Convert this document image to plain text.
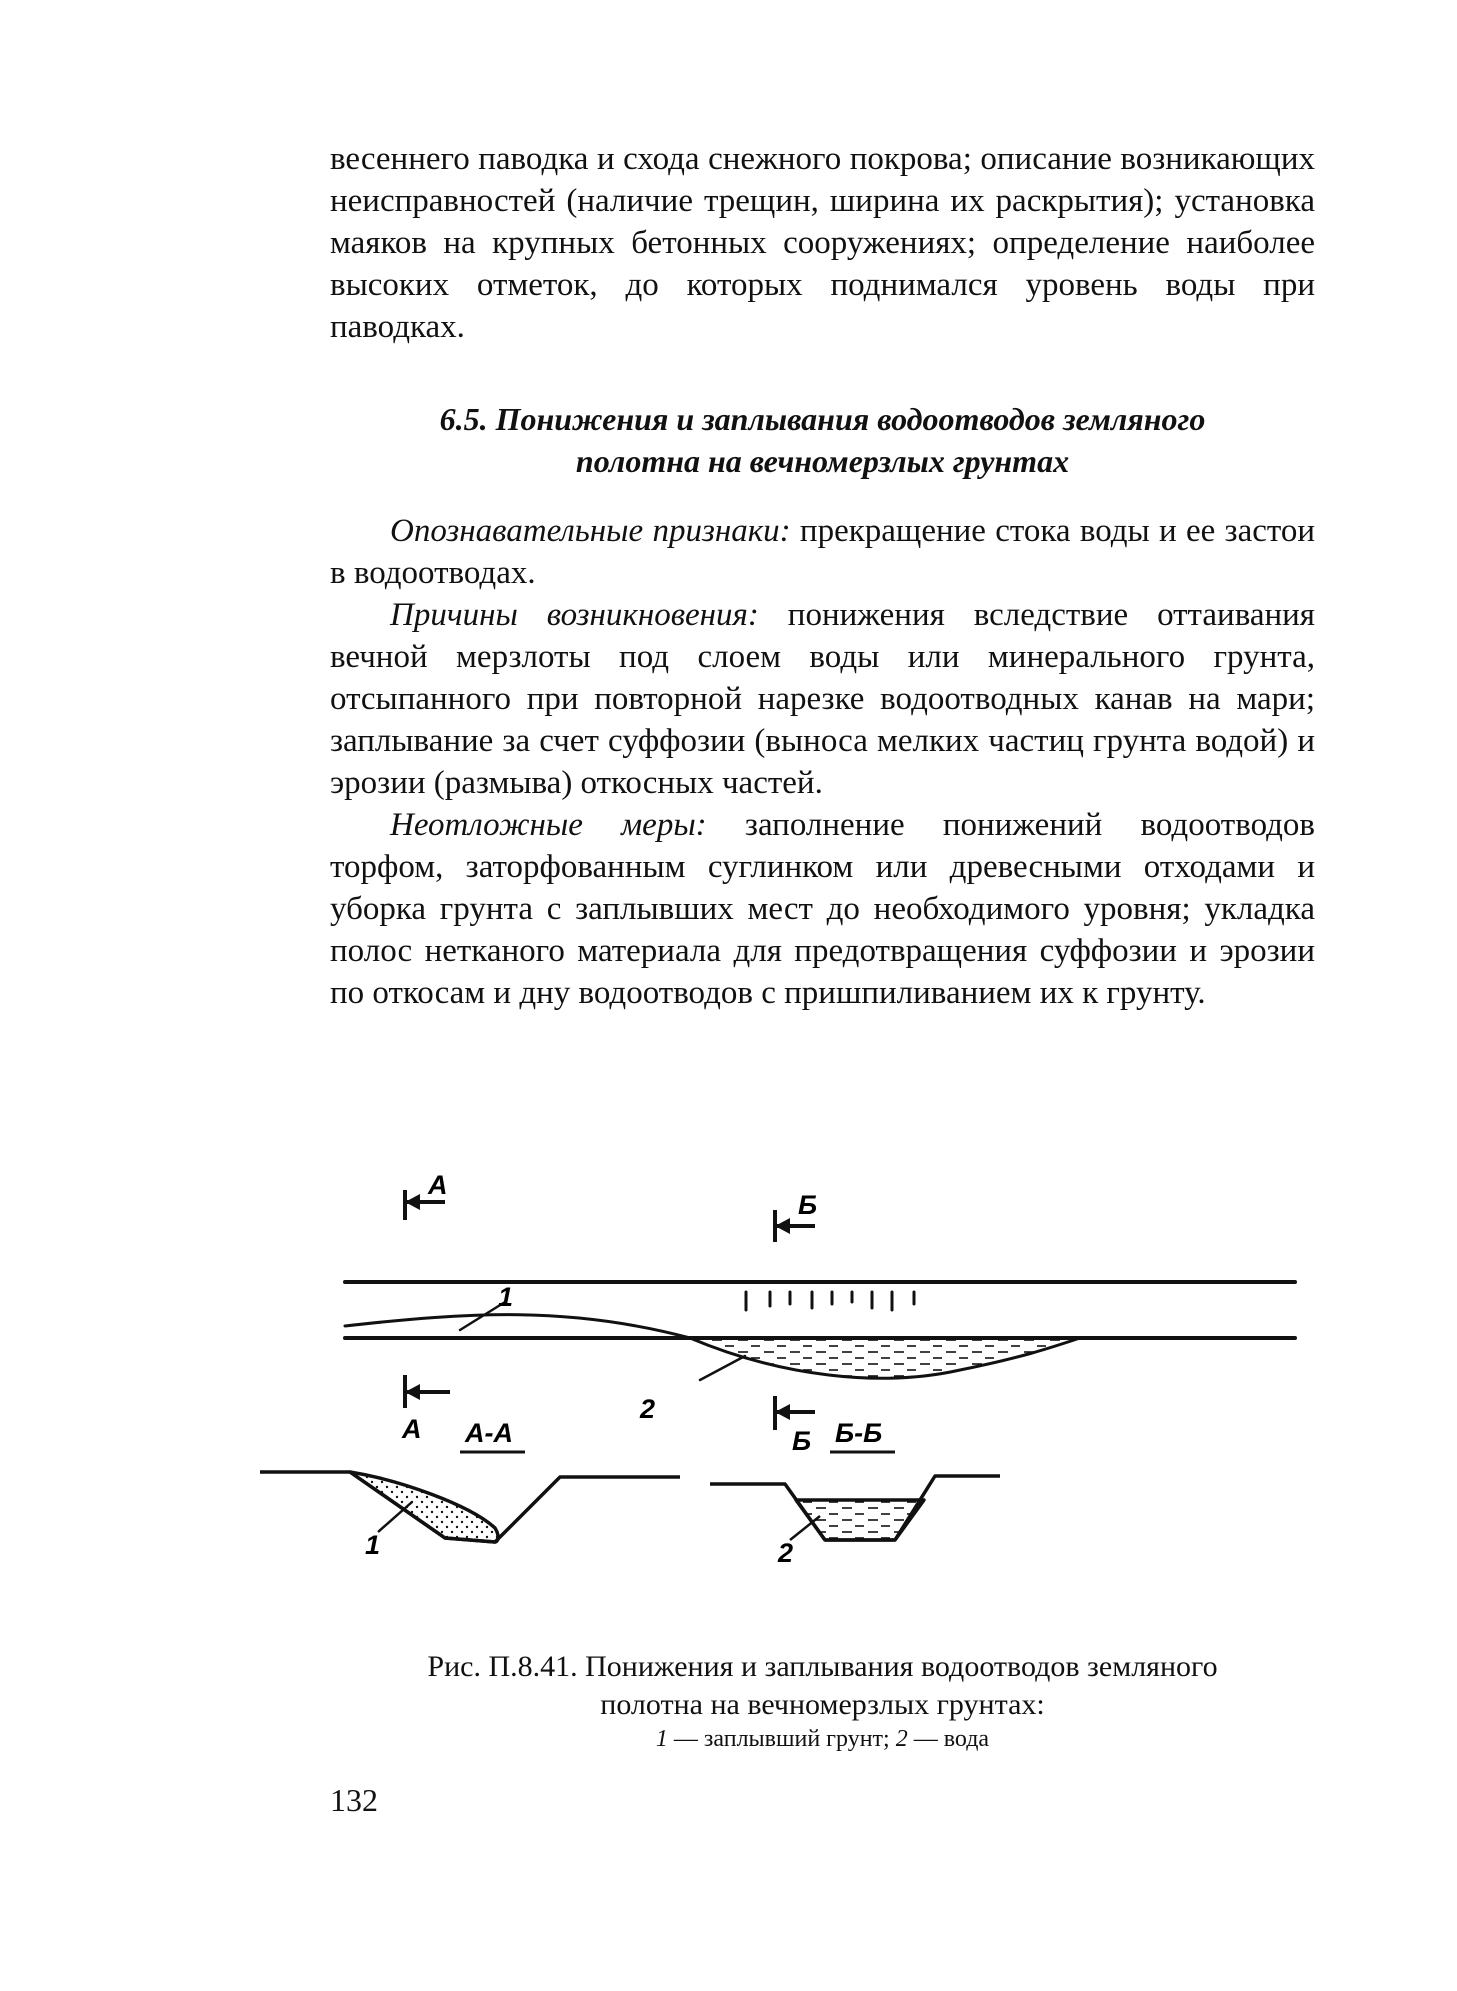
весеннего паводка и схода снежного покрова; описание возникающих неисправностей (наличие трещин, ширина их раскрытия); установка маяков на крупных бетонных сооружениях; определение наиболее высоких отметок, до которых поднимался уровень воды при паводках.

6.5. Понижения и заплывания водоотводов земляного
полотна на вечномерзлых грунтах

Опознавательные признаки: прекращение стока воды и ее застои в водоотводах.

Причины возникновения: понижения вследствие оттаивания вечной мерзлоты под слоем воды или минерального грунта, отсыпанного при повторной нарезке водоотводных канав на мари; заплывание за счет суффозии (выноса мелких частиц грунта водой) и эрозии (размыва) откосных частей.

Неотложные меры: заполнение понижений водоотводов торфом, заторфованным суглинком или древесными отходами и уборка грунта с заплывших мест до необходимого уровня; укладка полос нетканого материала для предотвращения суффозии и эрозии по откосам и дну водоотводов с пришпиливанием их к грунту.

А
А
Б
Б
А-А	Б-Б
1
2
1	2
Рис. П.8.41. Понижения и заплывания водоотводов земляного
полотна на вечномерзлых грунтах:
1 — заплывший грунт; 2 — вода
132
